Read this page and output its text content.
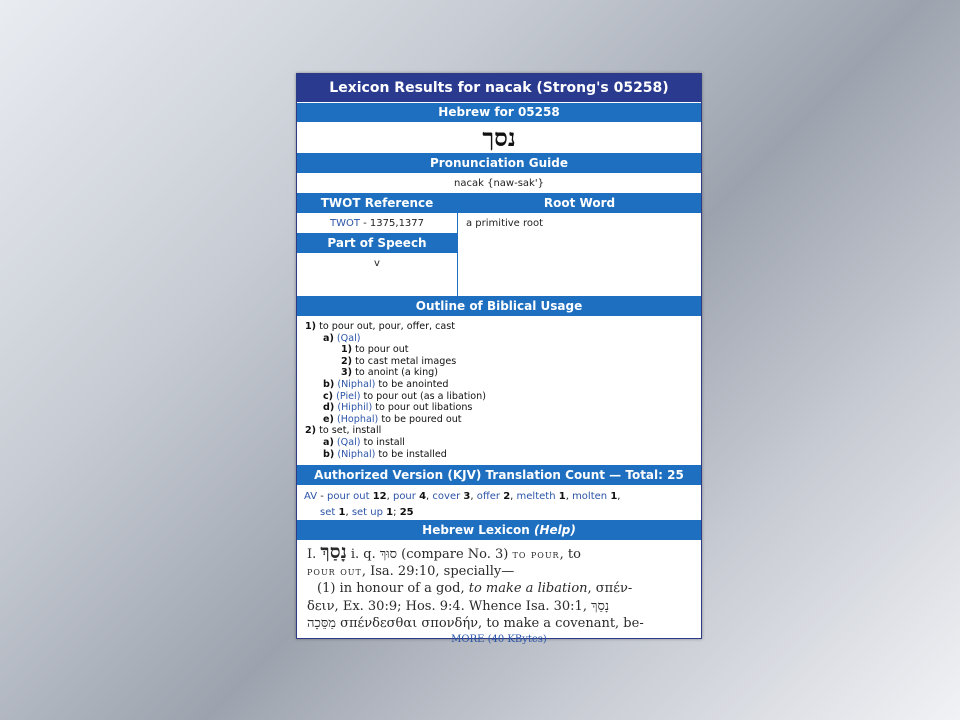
Lexicon Results for nacak (Strong's 05258)
Hebrew for 05258
נסך
Pronunciation Guide
nacak {naw-sak'}
TWOT Reference
TWOT - 1375,1377
Part of Speech
v
Root Word
a primitive root
Outline of Biblical Usage
1) to pour out, pour, offer, cast
a) (Qal)
1) to pour out
2) to cast metal images
3) to anoint (a king)
b) (Niphal) to be anointed
c) (Piel) to pour out (as a libation)
d) (Hiphil) to pour out libations
e) (Hophal) to be poured out
2) to set, install
a) (Qal) to install
b) (Niphal) to be installed
Authorized Version (KJV) Translation Count — Total: 25
AV - pour out 12, pour 4, cover 3, offer 2, melteth 1, molten 1,
set 1, set up 1; 25
Hebrew Lexicon (Help)
I. נָסַךְ i. q. סוּךְ (compare No. 3) to pour, to
pour out, Isa. 29:10, specially—
(1) in honour of a god, to make a libation, σπέν-
δειν, Ex. 30:9; Hos. 9:4. Whence Isa. 30:1, נָסַךְ
מַסֵּכָה σπένδεσθαι σπονδήν, to make a covenant, be-
MORE (40 KBytes)
